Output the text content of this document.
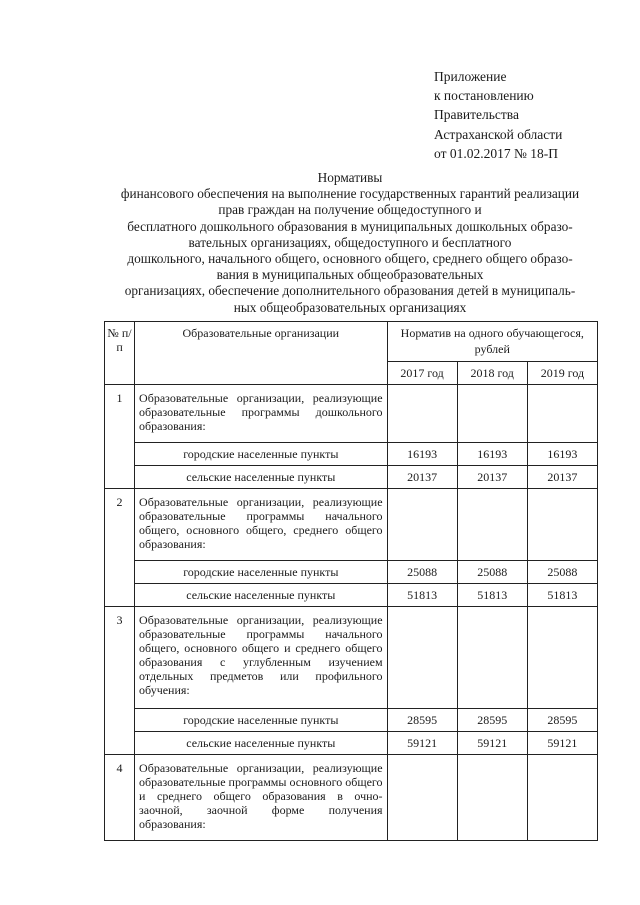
Приложение
к постановлению
Правительства
Астраханской области
от 01.02.2017 № 18-П
Нормативы
финансового обеспечения на выполнение государственных гарантий реализации
прав граждан на получение общедоступного и
бесплатного дошкольного образования в муниципальных дошкольных образо-
вательных организациях, общедоступного и бесплатного
дошкольного, начального общего, основного общего, среднего общего образо-
вания в муниципальных общеобразовательных
организациях, обеспечение дополнительного образования детей в муниципаль-
ных общеобразовательных организациях
№ п/п	Образовательные организации	Норматив на одного обучающегося, рублей		
		2017 год	2018 год	2019 год
1	Образовательные организации, реализующие образовательные программы дошкольного образования:			
	городские населенные пункты	16193	16193	16193
	сельские населенные пункты	20137	20137	20137
2	Образовательные организации, реализующие образовательные программы начального общего, основного общего, среднего общего образования:			
	городские населенные пункты	25088	25088	25088
	сельские населенные пункты	51813	51813	51813
3	Образовательные организации, реализующие образовательные программы начального общего, основного общего и среднего общего образования с углубленным изучением отдельных предметов или профильного обучения:			
	городские населенные пункты	28595	28595	28595
	сельские населенные пункты	59121	59121	59121
4	Образовательные организации, реализующие образовательные программы основного общего и среднего общего образования в очно-заочной, заочной форме получения образования:			
